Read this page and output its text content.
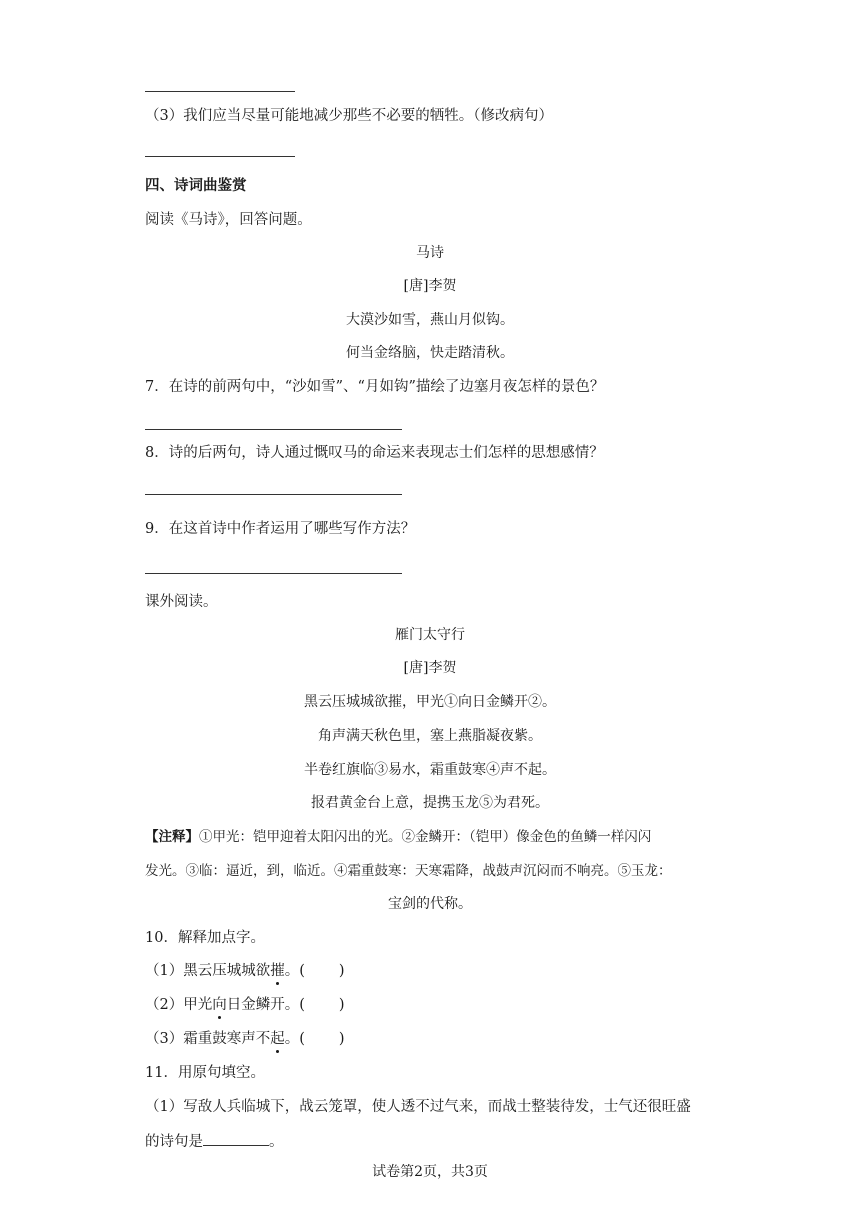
（3）我们应当尽量可能地减少那些不必要的牺牲。（修改病句）
四、诗词曲鉴赏
阅读《马诗》，回答问题。
马诗
[唐]李贺
大漠沙如雪，燕山月似钩。
何当金络脑，快走踏清秋。
7．在诗的前两句中，“沙如雪”、“月如钩”描绘了边塞月夜怎样的景色？
8．诗的后两句，诗人通过慨叹马的命运来表现志士们怎样的思想感情？
9．在这首诗中作者运用了哪些写作方法？
课外阅读。
雁门太守行
[唐]李贺
黑云压城城欲摧，甲光①向日金鳞开②。
角声满天秋色里，塞上燕脂凝夜紫。
半卷红旗临③易水，霜重鼓寒④声不起。
报君黄金台上意，提携玉龙⑤为君死。
【注释】①甲光：铠甲迎着太阳闪出的光。②金鳞开：（铠甲）像金色的鱼鳞一样闪闪
发光。③临：逼近，到，临近。④霜重鼓寒：天寒霜降，战鼓声沉闷而不响亮。⑤玉龙：
宝剑的代称。
10．解释加点字。
（1）黑云压城城欲摧。( )
（2）甲光向日金鳞开。( )
（3）霜重鼓寒声不起。( )
11．用原句填空。
（1）写敌人兵临城下，战云笼罩，使人透不过气来，而战士整装待发，士气还很旺盛
的诗句是	。
试卷第2页，共3页
